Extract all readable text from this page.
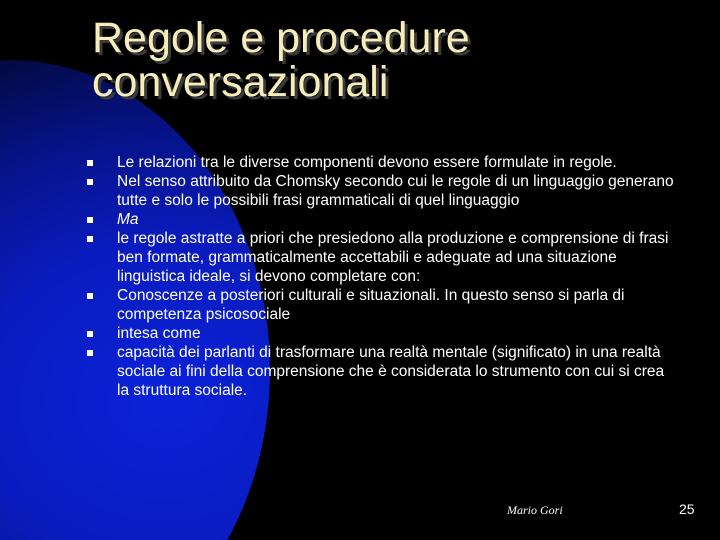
Regole e procedure
conversazionali
Le relazioni tra le diverse componenti devono essere formulate in regole.
Nel senso attribuito da Chomsky secondo cui le regole di un linguaggio generano tutte e solo le possibili frasi grammaticali di quel linguaggio
Ma
le regole astratte a priori che presiedono alla produzione e comprensione di frasi ben formate, grammaticalmente accettabili e adeguate ad una situazione linguistica ideale, si devono completare con:
Conoscenze a posteriori culturali e situazionali. In questo senso si parla di competenza psicosociale
intesa come
capacità dei parlanti di trasformare una realtà mentale (significato) in una realtà sociale ai fini della comprensione che è considerata lo strumento con cui si crea la struttura sociale.
Mario Gori	25
